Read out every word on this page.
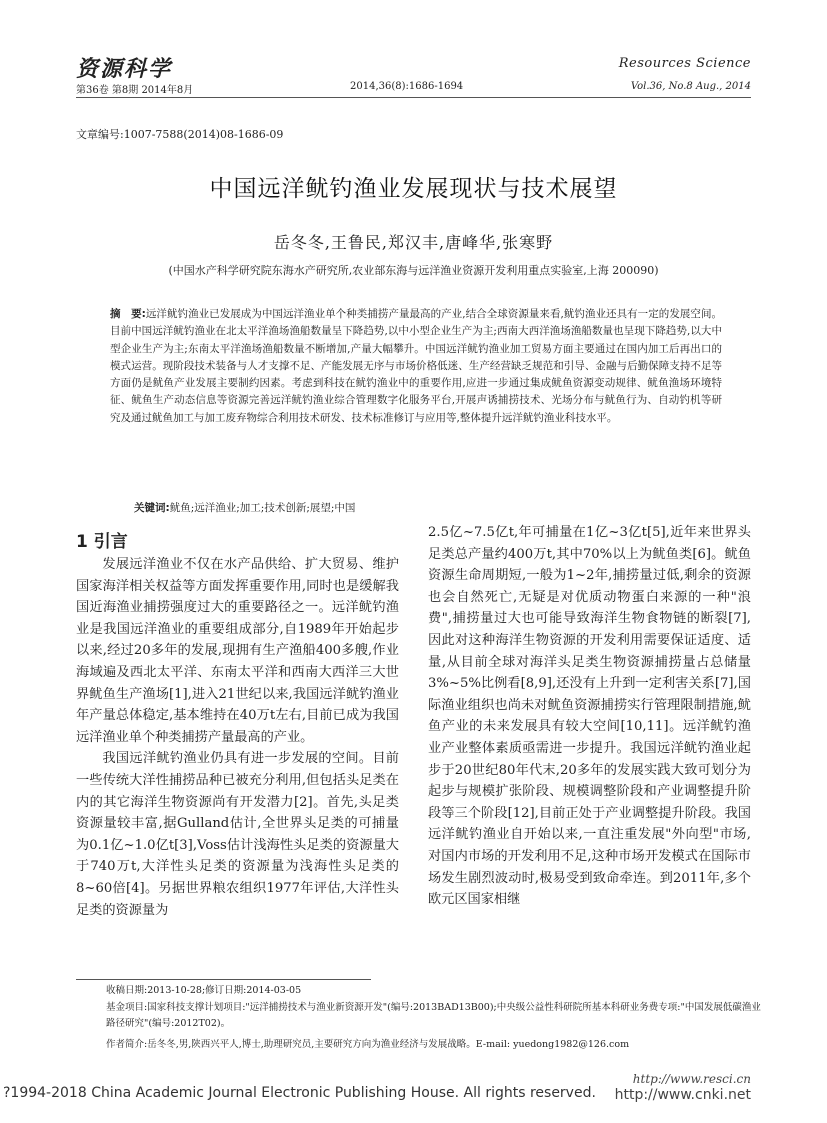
资源科学	Resources Science
第36卷 第8期 2014年8月	2014,36(8):1686-1694	Vol.36, No.8 Aug., 2014
文章编号:1007-7588(2014)08-1686-09
中国远洋鱿钓渔业发展现状与技术展望
岳冬冬,王鲁民,郑汉丰,唐峰华,张寒野
(中国水产科学研究院东海水产研究所,农业部东海与远洋渔业资源开发利用重点实验室,上海 200090)
摘　要:远洋鱿钓渔业已发展成为中国远洋渔业单个种类捕捞产量最高的产业,结合全球资源量来看,鱿钓渔业还具有一定的发展空间。目前中国远洋鱿钓渔业在北太平洋渔场渔船数量呈下降趋势,以中小型企业生产为主;西南大西洋渔场渔船数量也呈现下降趋势,以大中型企业生产为主;东南太平洋渔场渔船数量不断增加,产量大幅攀升。中国远洋鱿钓渔业加工贸易方面主要通过在国内加工后再出口的模式运营。现阶段技术装备与人才支撑不足、产能发展无序与市场价格低迷、生产经营缺乏规范和引导、金融与后勤保障支持不足等方面仍是鱿鱼产业发展主要制约因素。考虑到科技在鱿钓渔业中的重要作用,应进一步通过集成鱿鱼资源变动规律、鱿鱼渔场环境特征、鱿鱼生产动态信息等资源完善远洋鱿钓渔业综合管理数字化服务平台,开展声诱捕捞技术、光场分布与鱿鱼行为、自动钓机等研究及通过鱿鱼加工与加工废弃物综合利用技术研发、技术标准修订与应用等,整体提升远洋鱿钓渔业科技水平。
关键词:鱿鱼;远洋渔业;加工;技术创新;展望;中国
1 引言

发展远洋渔业不仅在水产品供给、扩大贸易、维护国家海洋相关权益等方面发挥重要作用,同时也是缓解我国近海渔业捕捞强度过大的重要路径之一。远洋鱿钓渔业是我国远洋渔业的重要组成部分,自1989年开始起步以来,经过20多年的发展,现拥有生产渔船400多艘,作业海域遍及西北太平洋、东南太平洋和西南大西洋三大世界鱿鱼生产渔场[1],进入21世纪以来,我国远洋鱿钓渔业年产量总体稳定,基本维持在40万t左右,目前已成为我国远洋渔业单个种类捕捞产量最高的产业。

我国远洋鱿钓渔业仍具有进一步发展的空间。目前一些传统大洋性捕捞品种已被充分利用,但包括头足类在内的其它海洋生物资源尚有开发潜力[2]。首先,头足类资源量较丰富,据Gulland估计,全世界头足类的可捕量为0.1亿~1.0亿t[3],Voss估计浅海性头足类的资源量大于740万t,大洋性头足类的资源量为浅海性头足类的8~60倍[4]。另据世界粮农组织1977年评估,大洋性头足类的资源量为

2.5亿~7.5亿t,年可捕量在1亿~3亿t[5],近年来世界头足类总产量约400万t,其中70%以上为鱿鱼类[6]。鱿鱼资源生命周期短,一般为1~2年,捕捞量过低,剩余的资源也会自然死亡,无疑是对优质动物蛋白来源的一种"浪费",捕捞量过大也可能导致海洋生物食物链的断裂[7],因此对这种海洋生物资源的开发利用需要保证适度、适量,从目前全球对海洋头足类生物资源捕捞量占总储量3%~5%比例看[8,9],还没有上升到一定利害关系[7],国际渔业组织也尚未对鱿鱼资源捕捞实行管理限制措施,鱿鱼产业的未来发展具有较大空间[10,11]。远洋鱿钓渔业产业整体素质亟需进一步提升。我国远洋鱿钓渔业起步于20世纪80年代末,20多年的发展实践大致可划分为起步与规模扩张阶段、规模调整阶段和产业调整提升阶段等三个阶段[12],目前正处于产业调整提升阶段。我国远洋鱿钓渔业自开始以来,一直注重发展"外向型"市场,对国内市场的开发利用不足,这种市场开发模式在国际市场发生剧烈波动时,极易受到致命牵连。到2011年,多个欧元区国家相继

收稿日期:2013-10-28;修订日期:2014-03-05
基金项目:国家科技支撑计划项目:"远洋捕捞技术与渔业新资源开发"(编号:2013BAD13B00);中央级公益性科研院所基本科研业务费专项:"中国发展低碳渔业路径研究"(编号:2012T02)。
作者简介:岳冬冬,男,陕西兴平人,博士,助理研究员,主要研究方向为渔业经济与发展战略。E-mail: yuedong1982@126.com
http://www.resci.cn
?1994-2018 China Academic Journal Electronic Publishing House. All rights reserved. http://www.cnki.net
